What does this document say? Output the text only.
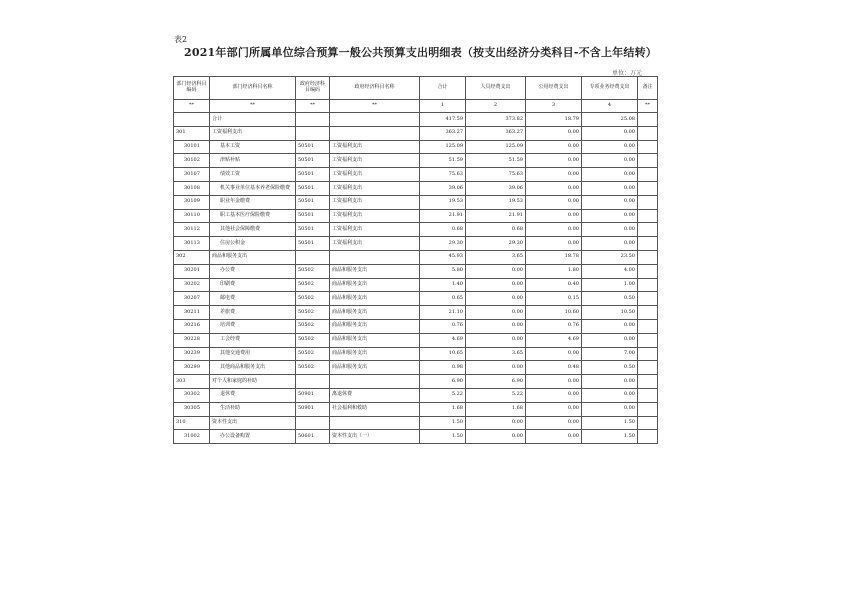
表2
2021年部门所属单位综合预算一般公共预算支出明细表（按支出经济分类科目-不含上年结转）
单位：万元
部门经济科目编码	部门经济科目名称	政府经济科目编码	政府经济科目名称	合计	人员经费支出	公用经费支出	专项业务经费支出	备注
**	**	**	**	1	2	3	4	**
	合计			417.59	373.82	18.79	25.08	
301	工资福利支出			363.27	363.27	0.00	0.00	
30101	基本工资	50501	工资福利支出	125.09	125.09	0.00	0.00	
30102	津贴补贴	50501	工资福利支出	51.59	51.59	0.00	0.00	
30107	绩效工资	50501	工资福利支出	75.63	75.63	0.00	0.00	
30108	机关事业单位基本养老保险缴费	50501	工资福利支出	39.06	39.06	0.00	0.00	
30109	职业年金缴费	50501	工资福利支出	19.53	19.53	0.00	0.00	
30110	职工基本医疗保险缴费	50501	工资福利支出	21.91	21.91	0.00	0.00	
30112	其他社会保障缴费	50501	工资福利支出	0.68	0.68	0.00	0.00	
30113	住房公积金	50501	工资福利支出	29.30	29.30	0.00	0.00	
302	商品和服务支出			45.93	3.65	18.78	23.50	
30201	办公费	50502	商品和服务支出	5.80	0.00	1.80	4.00	
30202	印刷费	50502	商品和服务支出	1.40	0.00	0.40	1.00	
30207	邮电费	50502	商品和服务支出	0.65	0.00	0.15	0.50	
30211	差旅费	50502	商品和服务支出	21.10	0.00	10.60	10.50	
30216	培训费	50502	商品和服务支出	0.76	0.00	0.76	0.00	
30228	工会经费	50502	商品和服务支出	4.69	0.00	4.69	0.00	
30239	其他交通费用	50502	商品和服务支出	10.65	3.65	0.00	7.00	
30299	其他商品和服务支出	50502	商品和服务支出	0.98	0.00	0.48	0.50	
303	对个人和家庭的补助			6.90	6.90	0.00	0.00	
30302	退休费	50901	离退休费	5.22	5.22	0.00	0.00	
30305	生活补助	50901	社会福利和救助	1.68	1.68	0.00	0.00	
310	资本性支出			1.50	0.00	0.00	1.50	
31002	办公设备购置	50601	资本性支出（一）	1.50	0.00	0.00	1.50	
